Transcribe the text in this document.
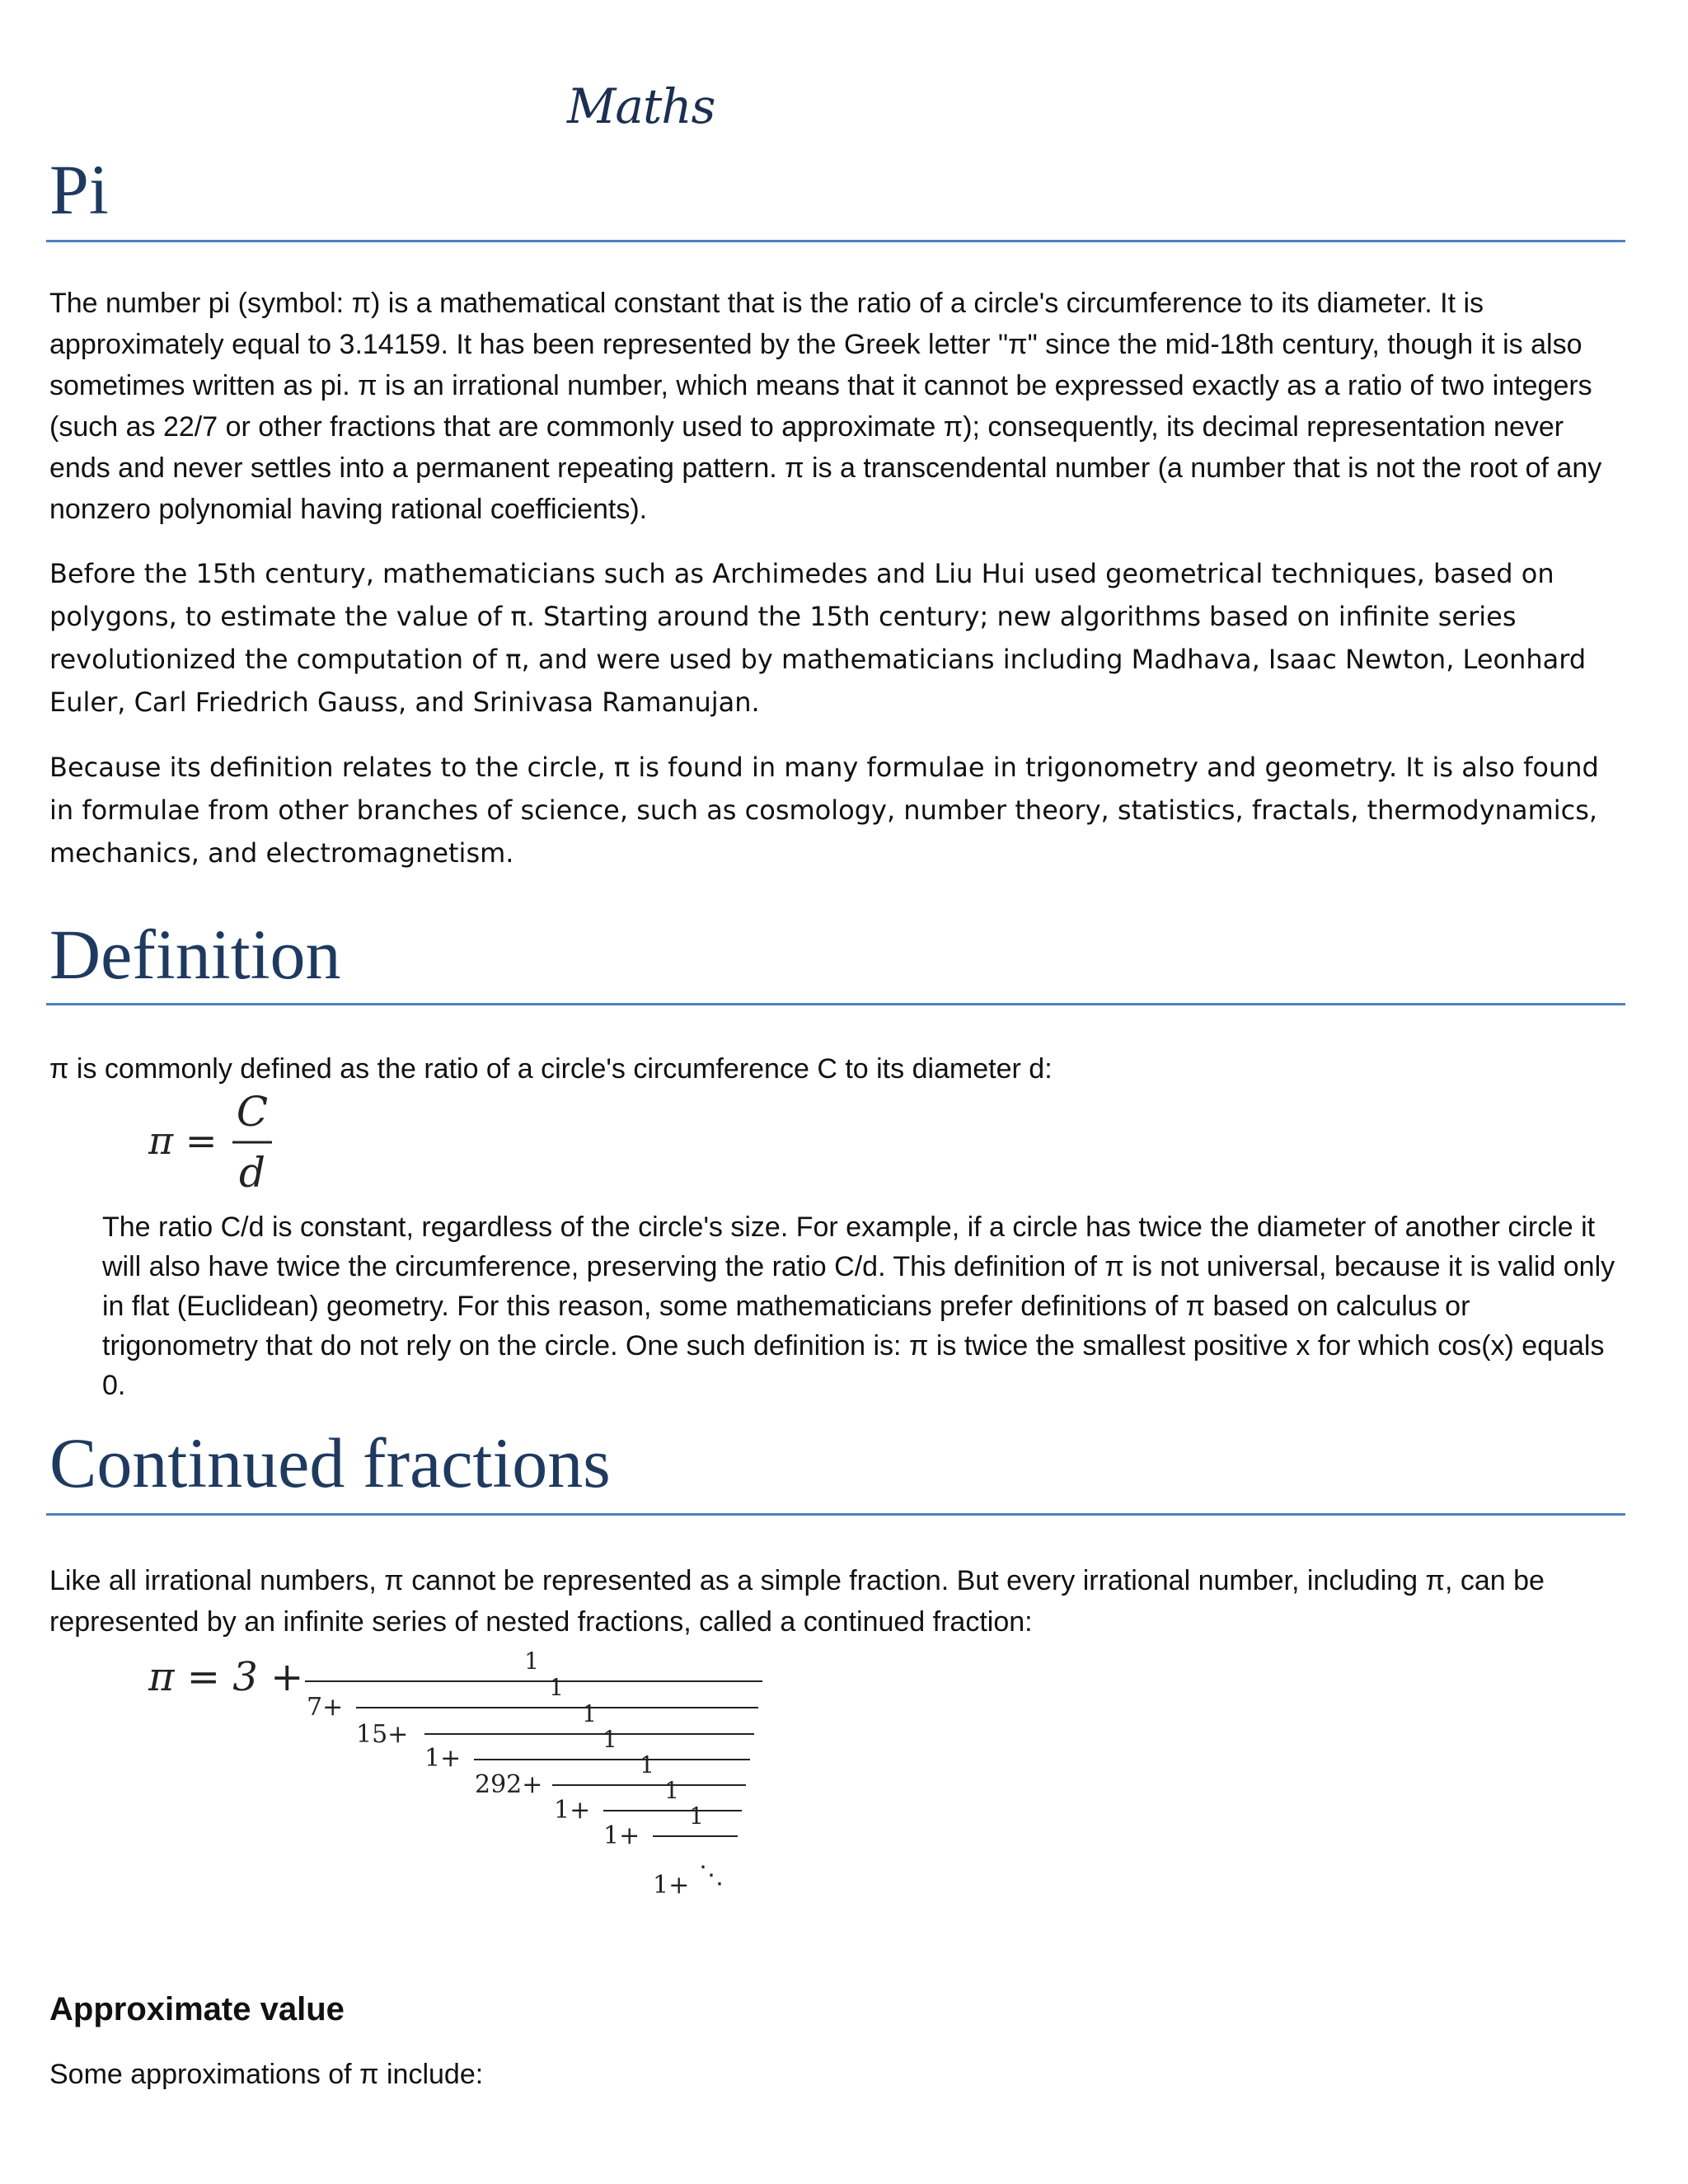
Maths
Pi

The number pi (symbol: π) is a mathematical constant that is the ratio of a circle's circumference to its diameter. It is approximately equal to 3.14159. It has been represented by the Greek letter "π" since the mid-18th century, though it is also sometimes written as pi. π is an irrational number, which means that it cannot be expressed exactly as a ratio of two integers (such as 22/7 or other fractions that are commonly used to approximate π); consequently, its decimal representation never ends and never settles into a permanent repeating pattern. π is a transcendental number (a number that is not the root of any nonzero polynomial having rational coefficients).

Before the 15th century, mathematicians such as Archimedes and Liu Hui used geometrical techniques, based on polygons, to estimate the value of π. Starting around the 15th century; new algorithms based on infinite series revolutionized the computation of π, and were used by mathematicians including Madhava, Isaac Newton, Leonhard Euler, Carl Friedrich Gauss, and Srinivasa Ramanujan.

Because its definition relates to the circle, π is found in many formulae in trigonometry and geometry. It is also found in formulae from other branches of science, such as cosmology, number theory, statistics, fractals, thermodynamics, mechanics, and electromagnetism.

Definition

π is commonly defined as the ratio of a circle's circumference C to its diameter d:

π =
C
d

The ratio C/d is constant, regardless of the circle's size. For example, if a circle has twice the diameter of another circle it will also have twice the circumference, preserving the ratio C/d. This definition of π is not universal, because it is valid only in flat (Euclidean) geometry. For this reason, some mathematicians prefer definitions of π based on calculus or trigonometry that do not rely on the circle. One such definition is: π is twice the smallest positive x for which cos(x) equals 0.

Continued fractions

Like all irrational numbers, π cannot be represented as a simple fraction. But every irrational number, including π, can be represented by an infinite series of nested fractions, called a continued fraction:

π = 3 +	1
7+
1
15+
1
1+
1
292+
1
1+
1
1+
1
1+ ⋱
Approximate value

Some approximations of π include:
